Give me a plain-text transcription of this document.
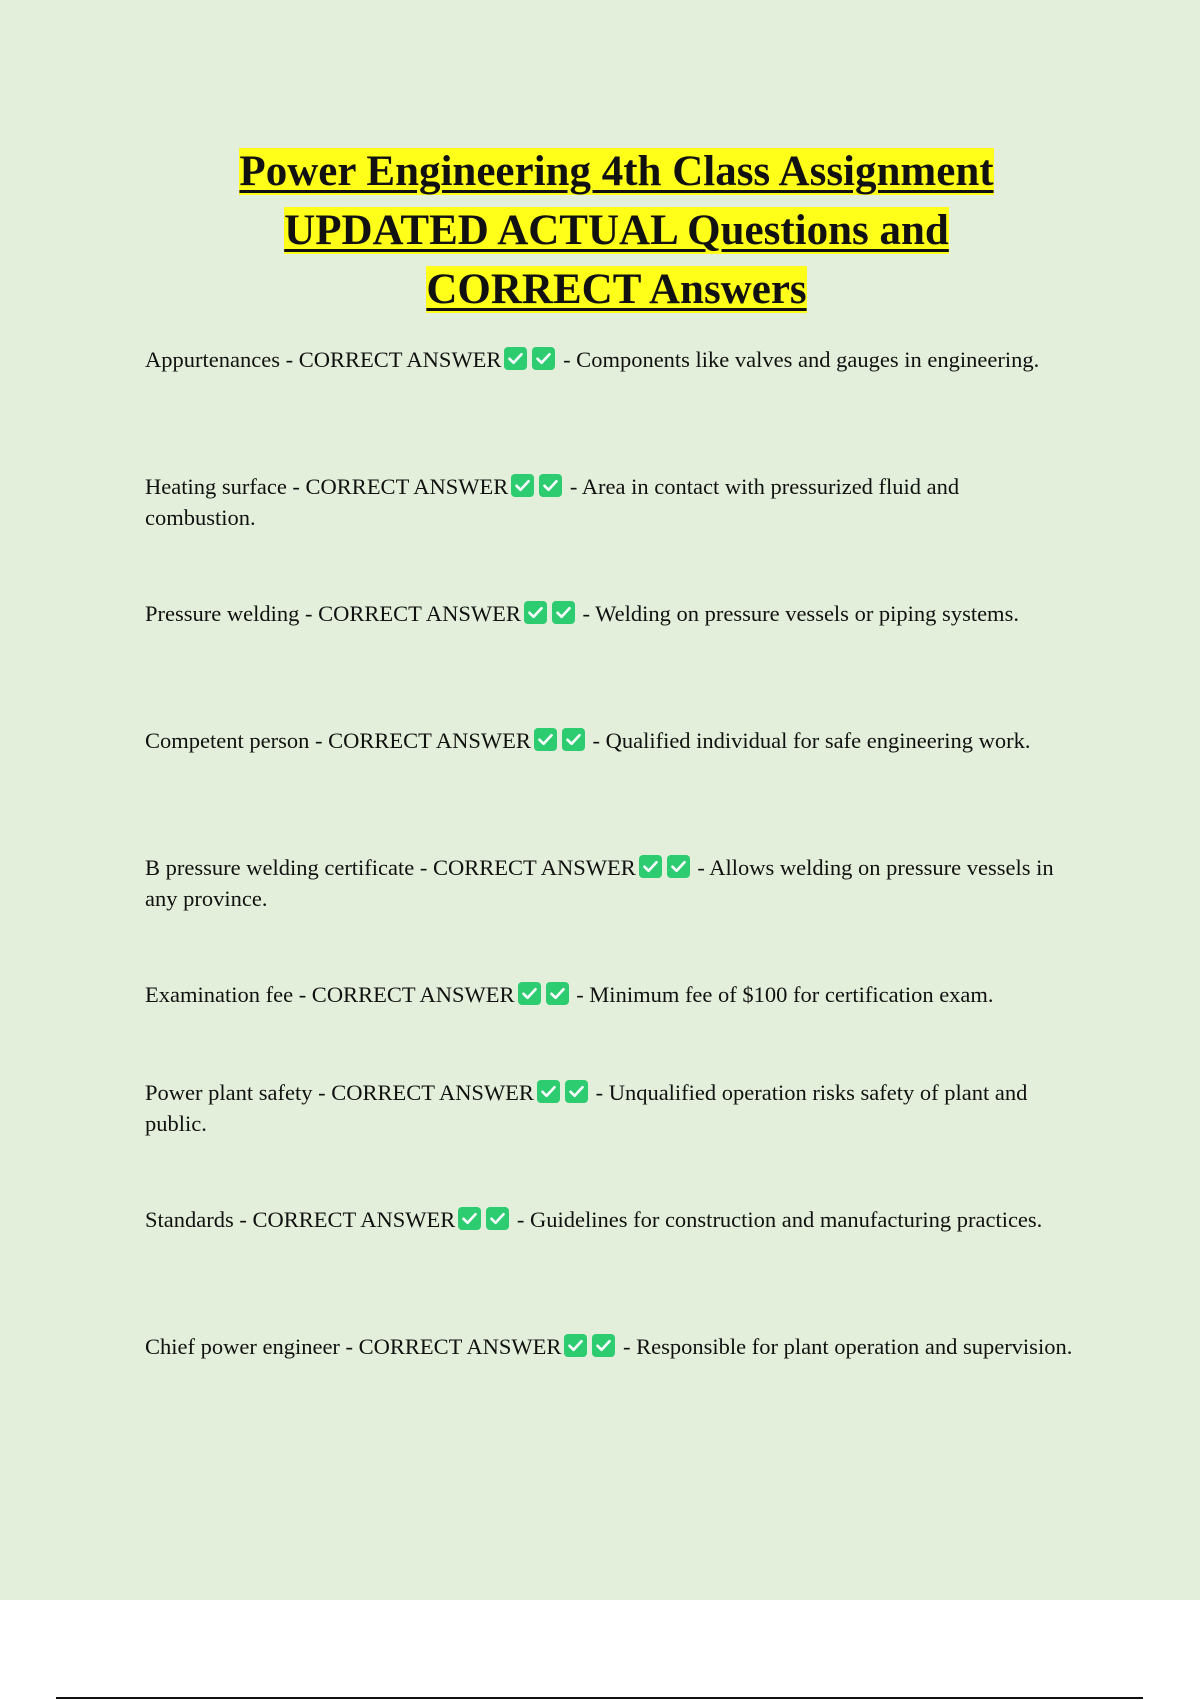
Power Engineering 4th Class Assignment
UPDATED ACTUAL Questions and
CORRECT Answers

Appurtenances - CORRECT ANSWER
- Components like valves and gauges in engineering.

Heating surface - CORRECT ANSWER
- Area in contact with pressurized fluid and combustion.

Pressure welding - CORRECT ANSWER
- Welding on pressure vessels or piping systems.

Competent person - CORRECT ANSWER
- Qualified individual for safe engineering work.

B pressure welding certificate - CORRECT ANSWER
- Allows welding on pressure vessels in any province.

Examination fee - CORRECT ANSWER
- Minimum fee of $100 for certification exam.

Power plant safety - CORRECT ANSWER
- Unqualified operation risks safety of plant and public.

Standards - CORRECT ANSWER
- Guidelines for construction and manufacturing practices.

Chief power engineer - CORRECT ANSWER
- Responsible for plant operation and supervision.
